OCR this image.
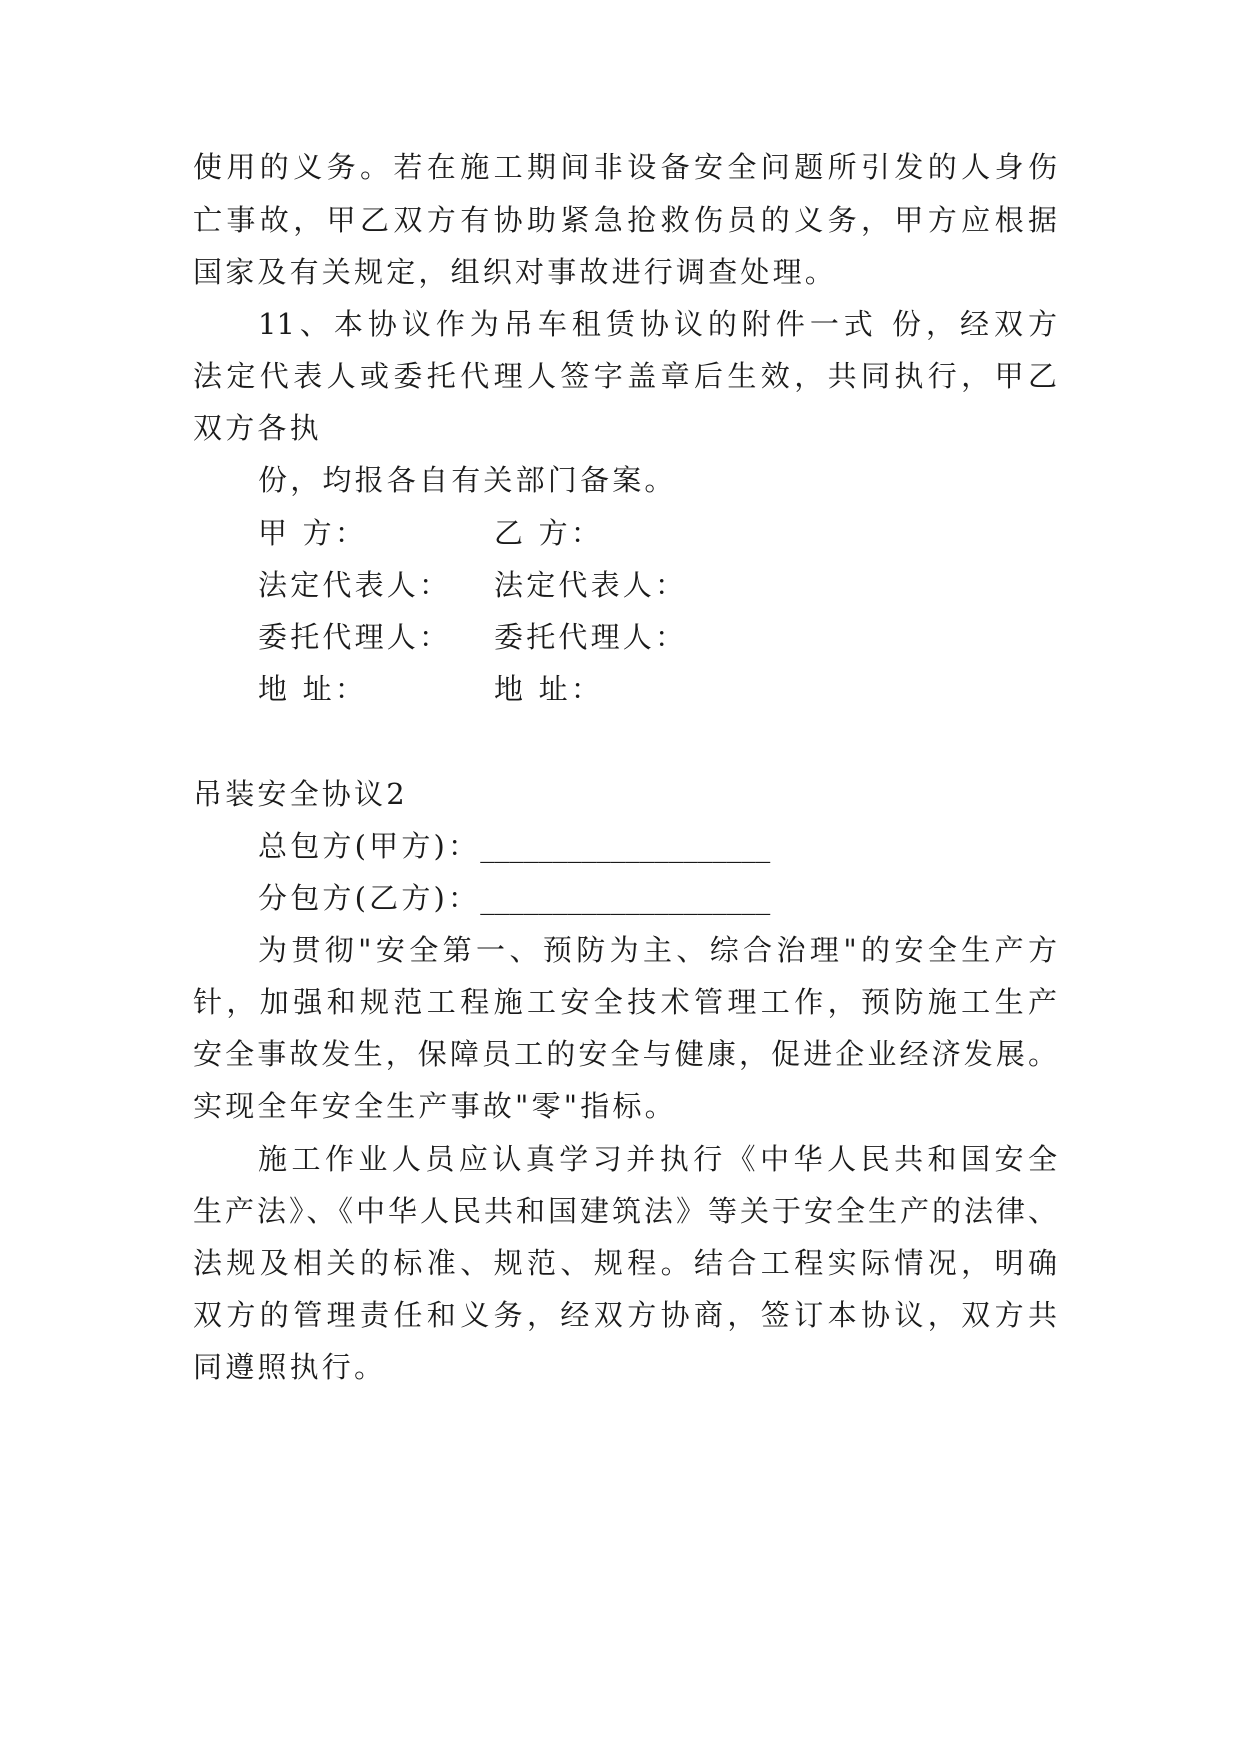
使用的义务。若在施工期间非设备安全问题所引发的人身伤
亡事故，甲乙双方有协助紧急抢救伤员的义务，甲方应根据
国家及有关规定，组织对事故进行调查处理。
11、本协议作为吊车租赁协议的附件一式 份，经双方
法定代表人或委托代理人签字盖章后生效，共同执行，甲乙
双方各执
份，均报各自有关部门备案。
甲 方：	乙 方：
法定代表人： 法定代表人：
委托代理人： 委托代理人：
地 址：	地 址：
吊装安全协议2
总包方(甲方)：____________________
分包方(乙方)：____________________
为贯彻"安全第一、预防为主、综合治理"的安全生产方
针，加强和规范工程施工安全技术管理工作，预防施工生产
安全事故发生，保障员工的安全与健康，促进企业经济发展。
实现全年安全生产事故"零"指标。
施工作业人员应认真学习并执行《中华人民共和国安全
生产法》、《中华人民共和国建筑法》等关于安全生产的法律、
法规及相关的标准、规范、规程。结合工程实际情况，明确
双方的管理责任和义务，经双方协商，签订本协议，双方共
同遵照执行。
